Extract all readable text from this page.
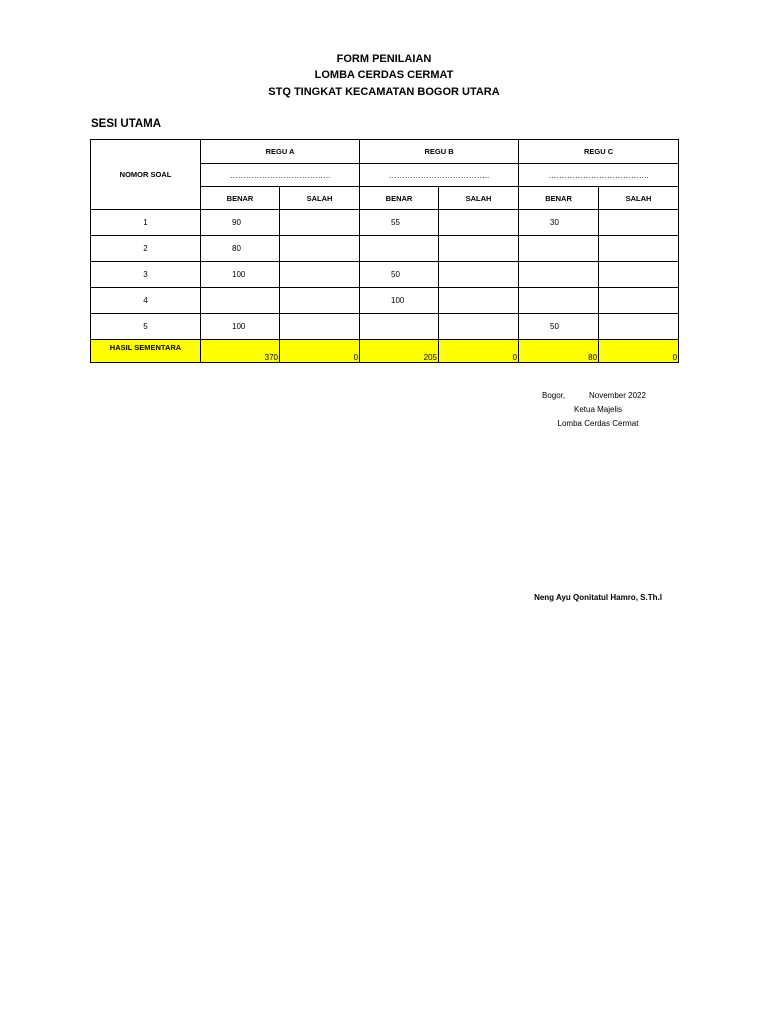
FORM PENILAIAN
LOMBA CERDAS CERMAT
STQ TINGKAT KECAMATAN BOGOR UTARA
SESI UTAMA
NOMOR SOAL	REGU A		REGU B		REGU C	
	………………………………..		………………………………..		………………………………..	
	BENAR	SALAH	BENAR	SALAH	BENAR	SALAH
1	90		55		30	
2	80					
3	100		50			
4			100			
5	100				50	
HASIL SEMENTARA	370	0	205	0	80	0
Bogor,	November 2022
Ketua Majelis
Lomba Cerdas Cermat
Neng Ayu Qonitatul Hamro, S.Th.I
